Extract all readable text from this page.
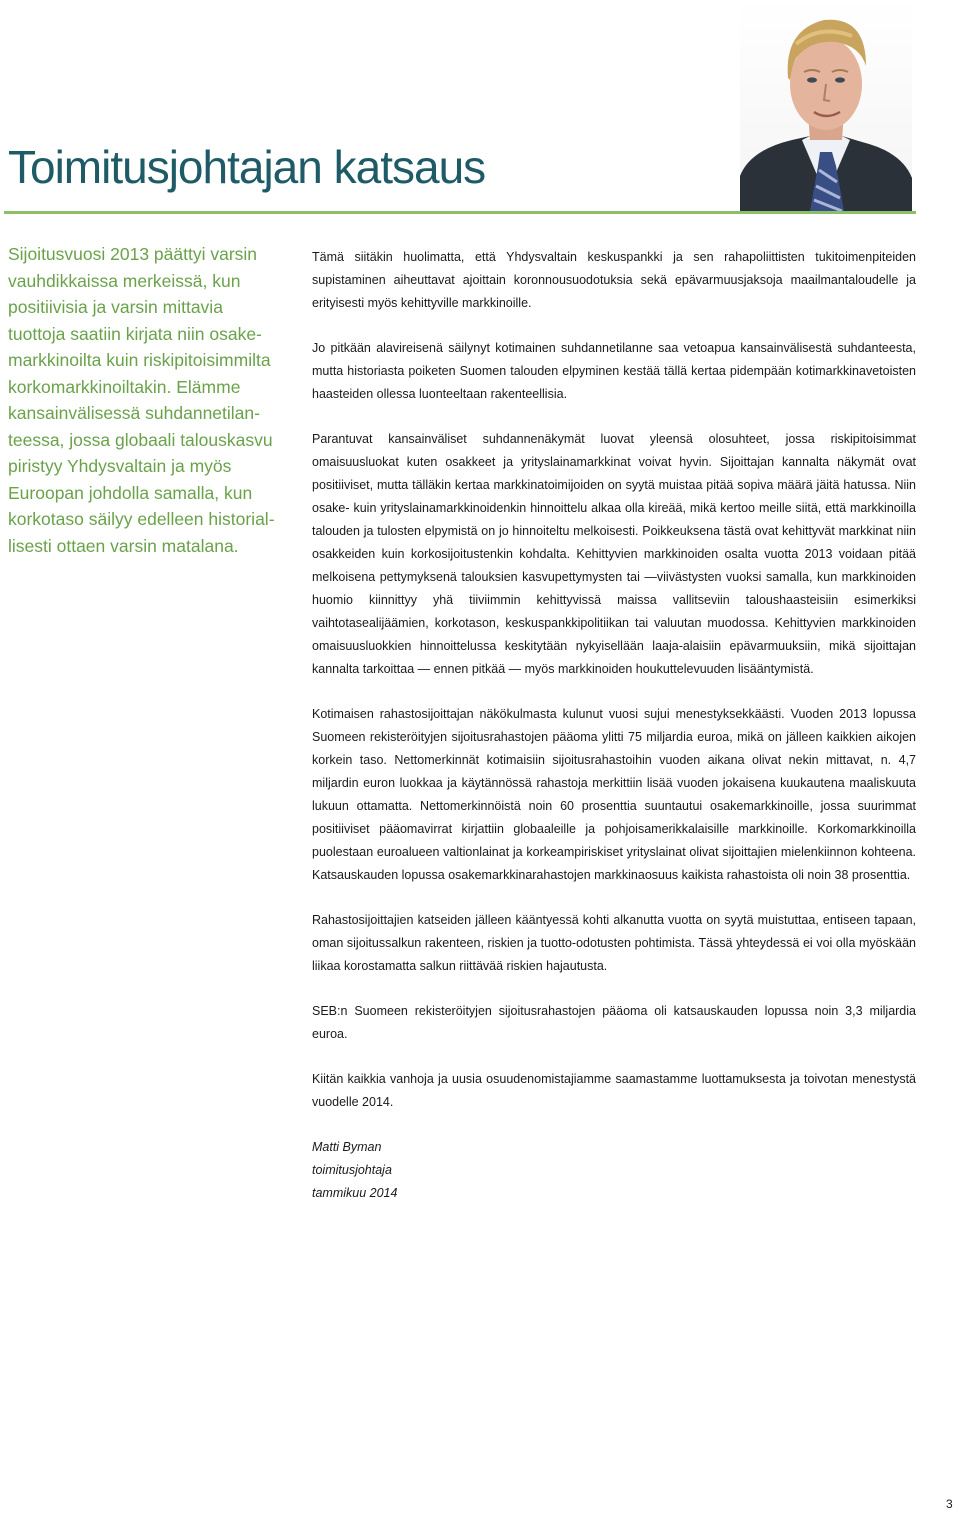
Toimitusjohtajan katsaus

Sijoitusvuosi 2013 päättyi varsin
vauhdikkaissa merkeissä, kun
positiivisia ja varsin mittavia
tuottoja saatiin kirjata niin osake-
markkinoilta kuin riskipitoisimmilta
korkomarkkinoiltakin. Elämme
kansainvälisessä suhdannetilan-
teessa, jossa globaali talouskasvu
piristyy Yhdysvaltain ja myös
Euroopan johdolla samalla, kun
korkotaso säilyy edelleen historial-
lisesti ottaen varsin matalana.

Tämä siitäkin huolimatta, että Yhdysvaltain keskuspankki ja sen rahapoliittisten tukitoimenpiteiden supistaminen aiheuttavat ajoittain koronnousuodotuksia sekä epävarmuusjaksoja maailmantaloudelle ja erityisesti myös kehittyville markkinoille.

Jo pitkään alavireisenä säilynyt kotimainen suhdannetilanne saa vetoapua kansainvälisestä suhdanteesta, mutta historiasta poiketen Suomen talouden elpyminen kestää tällä kertaa pidempään kotimarkkinavetoisten haasteiden ollessa luonteeltaan rakenteellisia.

Parantuvat kansainväliset suhdannenäkymät luovat yleensä olosuhteet, jossa riskipitoisimmat omaisuusluokat kuten osakkeet ja yrityslainamarkkinat voivat hyvin. Sijoittajan kannalta näkymät ovat positiiviset, mutta tälläkin kertaa markkinatoimijoiden on syytä muistaa pitää sopiva määrä jäitä hatussa. Niin osake- kuin yrityslainamarkkinoidenkin hinnoittelu alkaa olla kireää, mikä kertoo meille siitä, että markkinoilla talouden ja tulosten elpymistä on jo hinnoiteltu melkoisesti. Poikkeuksena tästä ovat kehittyvät markkinat niin osakkeiden kuin korkosijoitustenkin kohdalta. Kehittyvien markkinoiden osalta vuotta 2013 voidaan pitää melkoisena pettymyksenä talouksien kasvupettymysten tai —viivästysten vuoksi samalla, kun markkinoiden huomio kiinnittyy yhä tiiviimmin kehittyvissä maissa vallitseviin taloushaasteisiin esimerkiksi vaihtotasealijäämien, korkotason, keskuspankkipolitiikan tai valuutan muodossa. Kehittyvien markkinoiden omaisuusluokkien hinnoittelussa keskitytään nykyisellään laaja-alaisiin epävarmuuksiin, mikä sijoittajan kannalta tarkoittaa — ennen pitkää — myös markkinoiden houkuttelevuuden lisääntymistä.

Kotimaisen rahastosijoittajan näkökulmasta kulunut vuosi sujui menestyksekkäästi. Vuoden 2013 lopussa Suomeen rekisteröityjen sijoitusrahastojen pääoma ylitti 75 miljardia euroa, mikä on jälleen kaikkien aikojen korkein taso. Nettomerkinnät kotimaisiin sijoitusrahastoihin vuoden aikana olivat nekin mittavat, n. 4,7 miljardin euron luokkaa ja käytännössä rahastoja merkittiin lisää vuoden jokaisena kuukautena maaliskuuta lukuun ottamatta. Nettomerkinnöistä noin 60 prosenttia suuntautui osakemarkkinoille, jossa suurimmat positiiviset pääomavirrat kirjattiin globaaleille ja pohjoisamerikkalaisille markkinoille. Korkomarkkinoilla puolestaan euroalueen valtionlainat ja korkeampiriskiset yrityslainat olivat sijoittajien mielenkiinnon kohteena. Katsauskauden lopussa osakemarkkinarahastojen markkinaosuus kaikista rahastoista oli noin 38 prosenttia.

Rahastosijoittajien katseiden jälleen kääntyessä kohti alkanutta vuotta on syytä muistuttaa, entiseen tapaan, oman sijoitussalkun rakenteen, riskien ja tuotto-odotusten pohtimista. Tässä yhteydessä ei voi olla myöskään liikaa korostamatta salkun riittävää riskien hajautusta.

SEB:n Suomeen rekisteröityjen sijoitusrahastojen pääoma oli katsauskauden lopussa noin 3,3 miljardia euroa.

Kiitän kaikkia vanhoja ja uusia osuudenomistajiamme saamastamme luottamuksesta ja toivotan menestystä vuodelle 2014.

Matti Byman
toimitusjohtaja
tammikuu 2014
3
